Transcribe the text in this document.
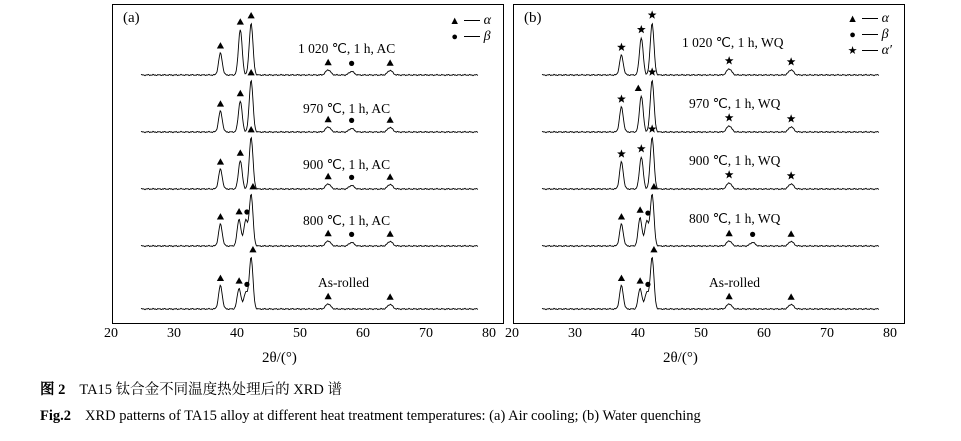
(a)	▲ α
● β
1 020 ℃, 1 h, AC
970 ℃, 1 h, AC
900 ℃, 1 h, AC
800 ℃, 1 h, AC
As-rolled
20	30	40	50	60	70	80
2θ/(°)
(b)	▲ α
● β
★ α′
1 020 ℃, 1 h, WQ
970 ℃, 1 h, WQ
900 ℃, 1 h, WQ
800 ℃, 1 h, WQ
As-rolled
20	30	40	50	60	70	80
2θ/(°)
图 2 TA15 钛合金不同温度热处理后的 XRD 谱
Fig.2 XRD patterns of TA15 alloy at different heat treatment temperatures: (a) Air cooling; (b) Water quenching
